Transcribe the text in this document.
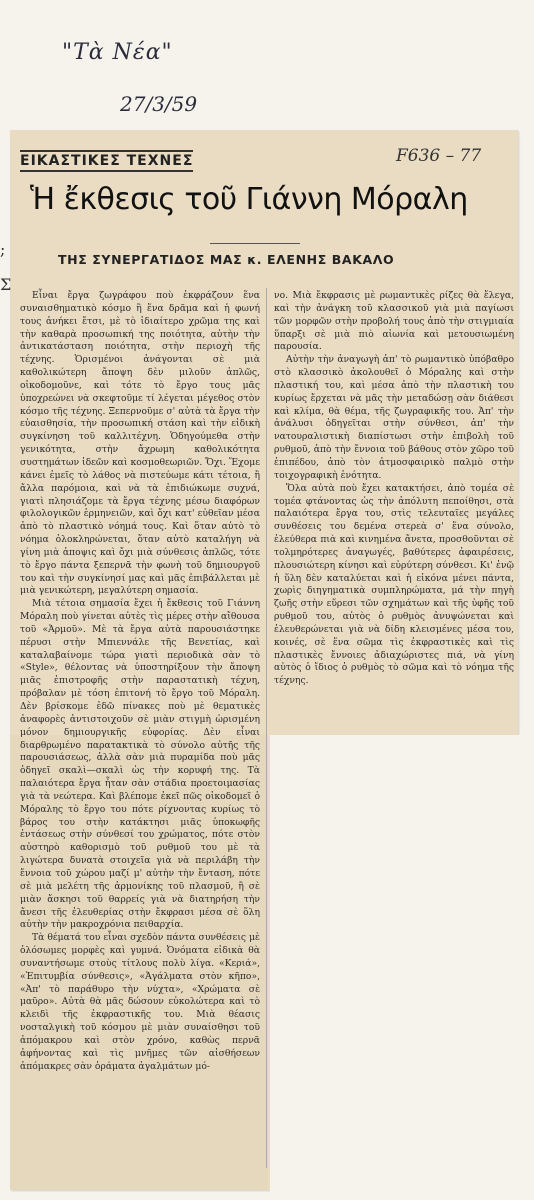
"Τὰ Νέα"
27/3/59
F636 – 77
;
Σ
ΕΙΚΑΣΤΙΚΕΣ ΤΕΧΝΕΣ
Ἡ ἔκθεσις τοῦ Γιάννη Μόραλη
ΤΗΣ ΣΥΝΕΡΓΑΤΙΔΟΣ ΜΑΣ κ. ΕΛΕΝΗΣ ΒΑΚΑΛΟ

Εἶναι ἔργα ζωγράφου ποὺ ἐκφράζουν ἕνα συναισθηματικὸ κόσμο ἢ ἕνα δρᾶμα καὶ ἡ φωνή τους ἀνήκει ἔτσι, μὲ τὸ ἰδιαίτερο χρῶμα της καὶ τὴν καθαρὰ προσωπική της ποιότητα, αὐτὴν τὴν ἀντικατάσταση ποιότητα, στὴν περιοχὴ τῆς τέχνης. Ὁρισμένοι ἀνάγονται σὲ μιὰ καθολικώτερη ἄποψη δὲν μιλοῦν ἁπλῶς, οἰκοδομοῦνε, καὶ τότε τὸ ἔργο τους μᾶς ὑποχρεώνει νὰ σκεφτοῦμε τί λέγεται μέγεθος στὸν κόσμο τῆς τέχνης. Ξεπερνοῦμε σ' αὐτὰ τὰ ἔργα τὴν εὐαισθησία, τὴν προσωπική στάση καὶ τὴν εἰδικὴ συγκίνηση τοῦ καλλιτέχνη. Ὁδηγούμεθα στὴν γενικότητα, στὴν ἄχρωμη καθολικότητα συστημάτων ἰδεῶν καὶ κοσμοθεωριῶν. Ὄχι. Ἔχομε κάνει ἐμεῖς τὸ λάθος νὰ πιστεύωμε κάτι τέτοια, ἢ ἄλλα παρόμοια, καὶ νὰ τὰ ἐπιδιώκωμε συχνά, γιατὶ πλησιάζομε τὰ ἔργα τέχνης μέσω διαφόρων φιλολογικῶν ἑρμηνειῶν, καὶ ὄχι κατ' εὐθεῖαν μέσα ἀπὸ τὸ πλαστικὸ νόημά τους. Καὶ ὅταν αὐτὸ τὸ νόημα ὁλοκληρώνεται, ὅταν αὐτὸ καταλήγη νὰ γίνη μιὰ ἀποψις καὶ ὄχι μιὰ σύνθεσις ἁπλῶς, τότε τὸ ἔργο πάντα ξεπερνᾶ τὴν φωνὴ τοῦ δημιουργοῦ του καὶ τὴν συγκίνησί μας καὶ μᾶς ἐπιβάλλεται μὲ μιὰ γενικώτερη, μεγαλύτερη σημασία.

Μιὰ τέτοια σημασία ἔχει ἡ ἔκθεσις τοῦ Γιάννη Μόραλη ποὺ γίνεται αὐτὲς τὶς μέρες στὴν αἴθουσα τοῦ «Ἀρμοῦ». Μὲ τὰ ἔργα αὐτὰ παρουσιάστηκε πέρυσι στὴν Μπιεννάλε τῆς Βενετίας, καὶ καταλαβαίνομε τώρα γιατὶ περιοδικὰ σὰν τὸ «Style», θέλοντας νὰ ὑποστηρίξουν τὴν ἄποψη μιᾶς ἐπιστροφῆς στὴν παραστατικὴ τέχνη, πρόβαλαν μὲ τόση ἐπιτονή τὸ ἔργο τοῦ Μόραλη. Δὲν βρίσκομε ἐδῶ πίνακες ποὺ μὲ θεματικὲς ἀναφορὲς ἀντιστοιχοῦν σὲ μιὰν στιγμὴ ὡρισμένη μόνον δημιουργικῆς εὐφορίας. Δὲν εἶναι διαρθρωμένο παρατακτικὰ τὸ σύνολο αὐτῆς τῆς παρουσιάσεως, ἀλλὰ σὰν μιὰ πυραμίδα ποὺ μᾶς ὁδηγεῖ σκαλὶ—σκαλὶ ὡς τὴν κορυφή της. Τὰ παλαιότερα ἔργα ἦταν σὰν στάδια προετοιμασίας γιὰ τὰ νεώτερα. Καὶ βλέπομε ἐκεῖ πῶς οἰκοδομεῖ ὁ Μόραλης τὸ ἔργο του πότε ρίχνοντας κυρίως τὸ βάρος του στὴν κατάκτησι μιᾶς ὑποκωφῆς ἐντάσεως στὴν σύνθεσί του χρώματος, πότε στὸν αὐστηρὸ καθορισμὸ τοῦ ρυθμοῦ του μὲ τὰ λιγώτερα δυνατὰ στοιχεῖα γιὰ νὰ περιλάβη τὴν ἔννοια τοῦ χώρου μαζί μ' αὐτὴν τὴν ἔνταση, πότε σὲ μιὰ μελέτη τῆς ἁρμονίκης τοῦ πλασμοῦ, ἢ σὲ μιὰν ἄσκησι τοῦ θαρρείς γιὰ νὰ διατηρήση τὴν ἄνεσι τῆς ἐλευθερίας στὴν ἔκφρασι μέσα σὲ ὅλη αὐτὴν τὴν μακροχρόνια πειθαρχία.

Τὰ θέματά του εἶναι σχεδὸν πάντα συνθέσεις μὲ ὁλόσωμες μορφὲς καὶ γυμνά. Ὀνόματα εἰδικὰ θὰ συναντήσωμε στοὺς τίτλους πολὺ λίγα. «Κεριά», «Ἐπιτυμβία σύνθεσις», «Ἀγάλματα στὸν κῆπο», «Ἀπ' τὸ παράθυρο τὴν νύχτα», «Χρώματα σὲ μαῦρο». Αὐτὰ θὰ μᾶς δώσουν εὐκολώτερα καὶ τὸ κλειδὶ τῆς ἐκφραστικῆς του. Μιὰ θέασις νοσταλγικὴ τοῦ κόσμου μὲ μιὰν συναίσθησι τοῦ ἀπόμακρου καὶ στὸν χρόνο, καθὼς περνᾶ ἀφήνοντας καὶ τὶς μνῆμες τῶν αἰσθήσεων ἀπόμακρες σὰν ὁράματα ἀγαλμάτων μό-

νο. Μιὰ ἔκφρασις μὲ ρωμαντικὲς ρίζες θὰ ἔλεγα, καὶ τὴν ἀνάγκη τοῦ κλασσικοῦ γιὰ μιὰ παγίωσι τῶν μορφῶν στὴν προβολή τους ἀπὸ τὴν στιγμιαία ὕπαρξι σὲ μιὰ πιὸ αἰωνία καὶ μετουσιωμένη παρουσία.

Αὐτὴν τὴν ἀναγωγὴ ἀπ' τὸ ρωμαντικὸ ὑπόβαθρο στὸ κλασσικὸ ἀκολουθεῖ ὁ Μόραλης καὶ στὴν πλαστική του, καὶ μέσα ἀπὸ τὴν πλαστικὴ του κυρίως ἔρχεται νὰ μᾶς τὴν μεταδώσῃ σὰν διάθεσι καὶ κλίμα, θὰ θέμα, τῆς ζωγραφικῆς του. Ἀπ' τὴν ἀνάλυσι ὁδηγεῖται στὴν σύνθεσι, ἀπ' τὴν νατουραλιστικὴ διαπίστωσι στὴν ἐπιβολὴ τοῦ ρυθμοῦ, ἀπὸ τὴν ἔννοια τοῦ βάθους στὸν χῶρο τοῦ ἐπιπέδου, ἀπὸ τὸν ἀτμοσφαιρικὸ παλμὸ στὴν τοιχογραφικὴ ἑνότητα.

Ὅλα αὐτὰ ποὺ ἔχει κατακτήσει, ἀπὸ τομέα σὲ τομέα φτάνοντας ὡς τὴν ἀπόλυτη πεποίθησι, στὰ παλαιότερα ἔργα του, στὶς τελευταῖες μεγάλες συνθέσεις του δεμένα στερεὰ σ' ἕνα σύνολο, ἐλεύθερα πιὰ καὶ κινημένα ἄνετα, προσθοῦνται σὲ τολμηρότερες ἀναγωγές, βαθύτερες ἀφαιρέσεις, πλουσιώτερη κίνησι καὶ εὐρύτερη σύνθεσι. Κι' ἐνῷ ἡ ὕλη δὲν καταλύεται καὶ ἡ εἰκόνα μένει πάντα, χωρὶς διηγηματικὰ συμπληρώματα, μά τὴν πηγὴ ζωῆς στὴν εὕρεσι τῶν σχημάτων καὶ τῆς ὑφῆς τοῦ ρυθμοῦ του, αὐτὸς ὁ ρυθμὸς ἀνυψώνεται καὶ ἐλευθερώνεται γιὰ νὰ δίδη κλεισμένες μέσα του, κοινές, σὲ ἕνα σῶμα τὶς ἐκφραστικὲς καὶ τὶς πλαστικὲς ἔννοιες ἀδιαχώριστες πιά, νὰ γίνη αὐτὸς ὁ ἴδιος ὁ ρυθμὸς τὸ σῶμα καὶ τὸ νόημα τῆς τέχνης.
